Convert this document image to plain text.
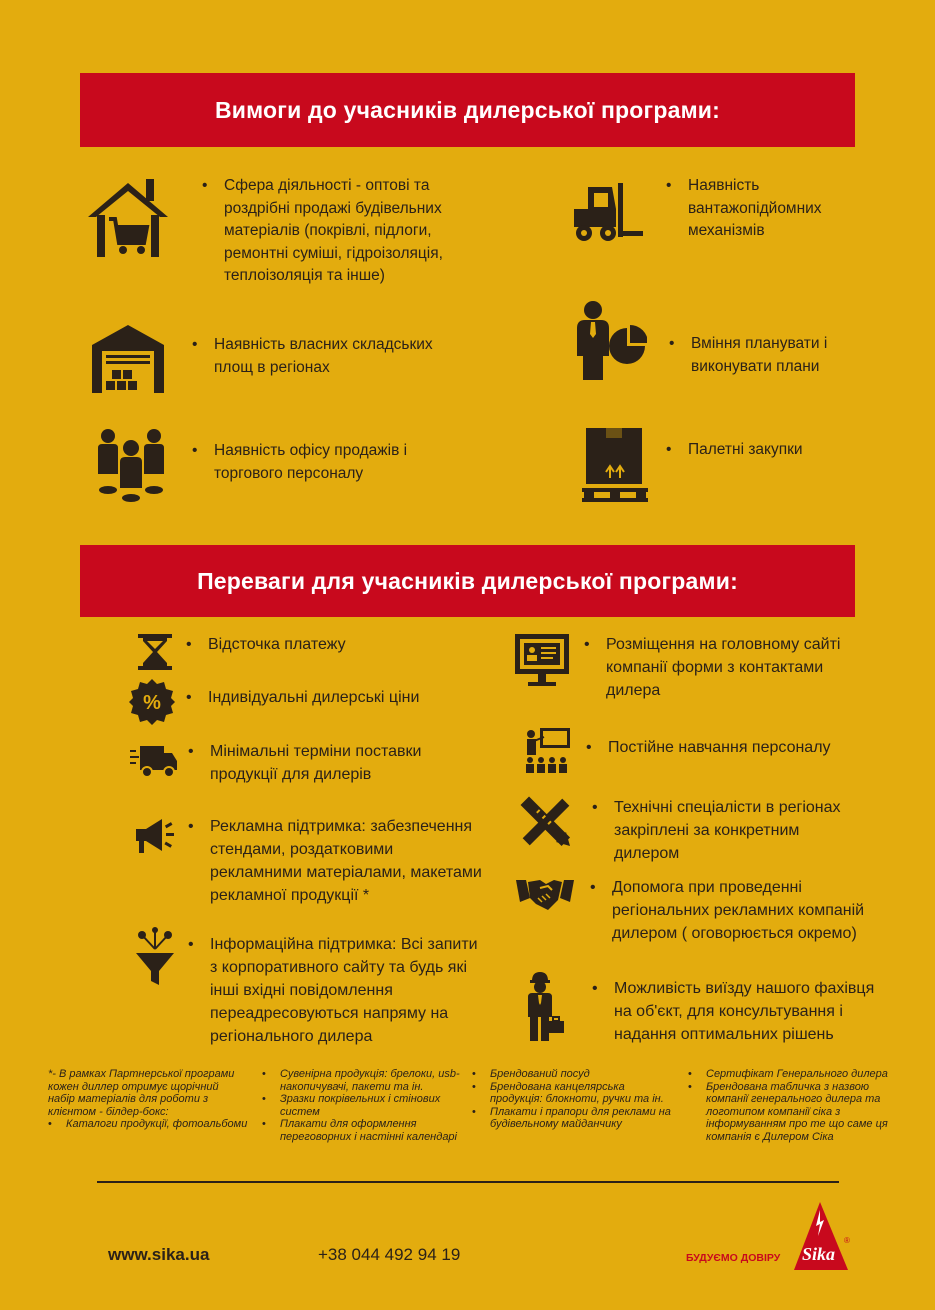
Вимоги до учасників дилерської програми:
• Сфера діяльності - оптові та роздрібні продажі будівельних матеріалів (покрівлі, підлоги, ремонтні суміші, гідроізоляція, теплоізоляція та інше)
• Наявність вантажопідйомних механізмів
• Наявність власних складських площ в регіонах
• Вміння планувати і виконувати плани
• Наявність офісу продажів і торгового персоналу
• Палетні закупки
Переваги для учасників дилерської програми:
• Відсточка платежу
%
•	Індивідуальні дилерські ціни
• Мінімальні терміни поставки продукції для дилерів
• Рекламна підтримка: забезпечення стендами, роздатковими рекламними матеріалами, макетами рекламної продукції *
• Інформаційна підтримка: Всі запити з корпоративного сайту та будь які інші вхідні повідомлення переадресовуються напряму на регіонального дилера
• Розміщення на головному сайті компанії форми з контактами дилера
• Постійне навчання персоналу
• Технічні спеціалісти в регіонах закріплені за конкретним дилером
• Допомога при проведенні регіональних рекламних компаній дилером ( оговорюється окремо)
• Можливість виїзду нашого фахівця на об'єкт, для консультування і надання оптимальних рішень
*- В рамках Партнерської програми кожен диллер отримує щорічний набір матеріалів для роботи з клієнтом - білдер-бокс:
• Каталоги продукції, фотоальбоми
• Сувенірна продукція: брелоки, usb-накопичувачі, пакети та ін.
• Зразки покрівельних і стінових систем
• Плакати для оформлення переговорних і настінні календарі
• Брендований посуд
• Брендована канцелярська продукція: блокноти, ручки та ін.
• Плакати і прапори для реклами на будівельному майданчику
• Сертифікат Генерального дилера
• Брендована табличка з назвою компанії генерального дилера та логотипом компанії сіка з інформуванням про те що саме ця компанія є Дилером Сіка
www.sika.ua	+38 044 492 94 19	БУДУЄМО ДОВІРУ Sika
®
